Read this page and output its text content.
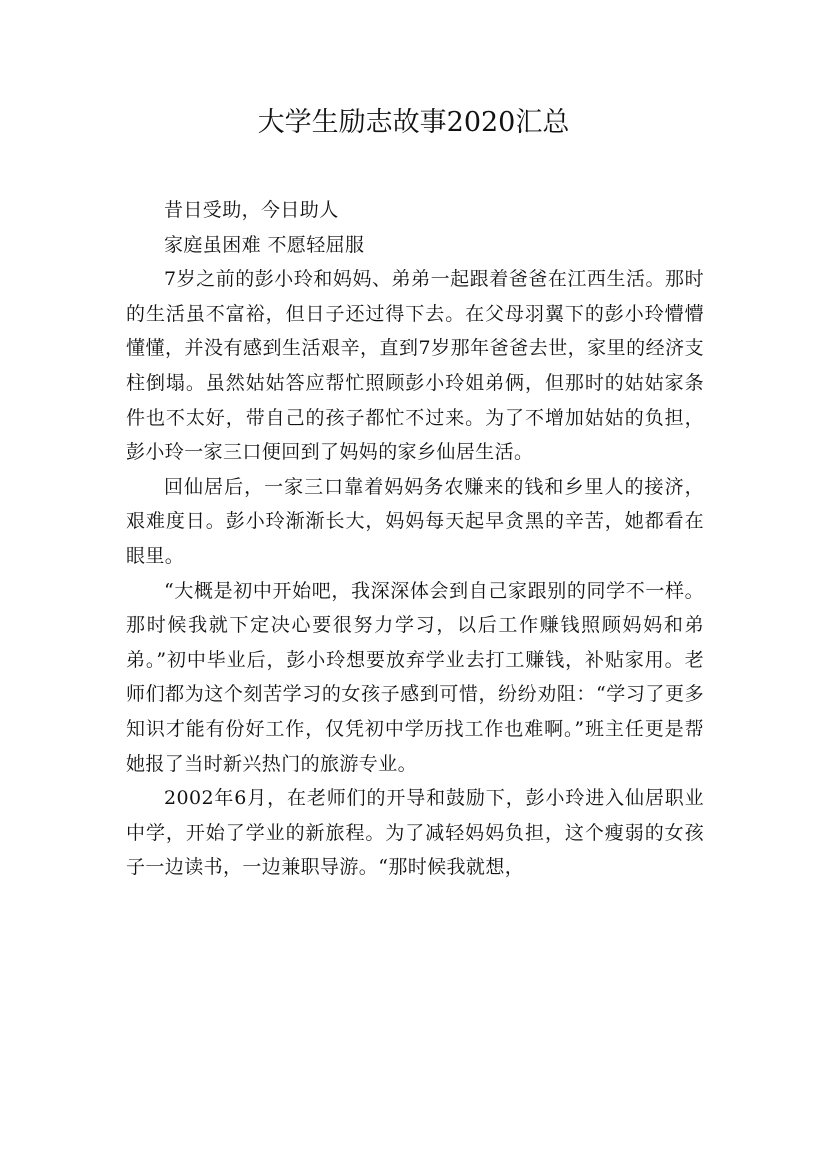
大学生励志故事2020汇总

昔日受助，今日助人

家庭虽困难 不愿轻屈服

7岁之前的彭小玲和妈妈、弟弟一起跟着爸爸在江西生活。那时的生活虽不富裕，但日子还过得下去。在父母羽翼下的彭小玲懵懵懂懂，并没有感到生活艰辛，直到7岁那年爸爸去世，家里的经济支柱倒塌。虽然姑姑答应帮忙照顾彭小玲姐弟俩，但那时的姑姑家条件也不太好，带自己的孩子都忙不过来。为了不增加姑姑的负担，彭小玲一家三口便回到了妈妈的家乡仙居生活。

回仙居后，一家三口靠着妈妈务农赚来的钱和乡里人的接济，艰难度日。彭小玲渐渐长大，妈妈每天起早贪黑的辛苦，她都看在眼里。

“大概是初中开始吧，我深深体会到自己家跟别的同学不一样。那时候我就下定决心要很努力学习，以后工作赚钱照顾妈妈和弟弟。”初中毕业后，彭小玲想要放弃学业去打工赚钱，补贴家用。老师们都为这个刻苦学习的女孩子感到可惜，纷纷劝阻：“学习了更多知识才能有份好工作，仅凭初中学历找工作也难啊。”班主任更是帮她报了当时新兴热门的旅游专业。

2002年6月，在老师们的开导和鼓励下，彭小玲进入仙居职业中学，开始了学业的新旅程。为了减轻妈妈负担，这个瘦弱的女孩子一边读书，一边兼职导游。“那时候我就想，
